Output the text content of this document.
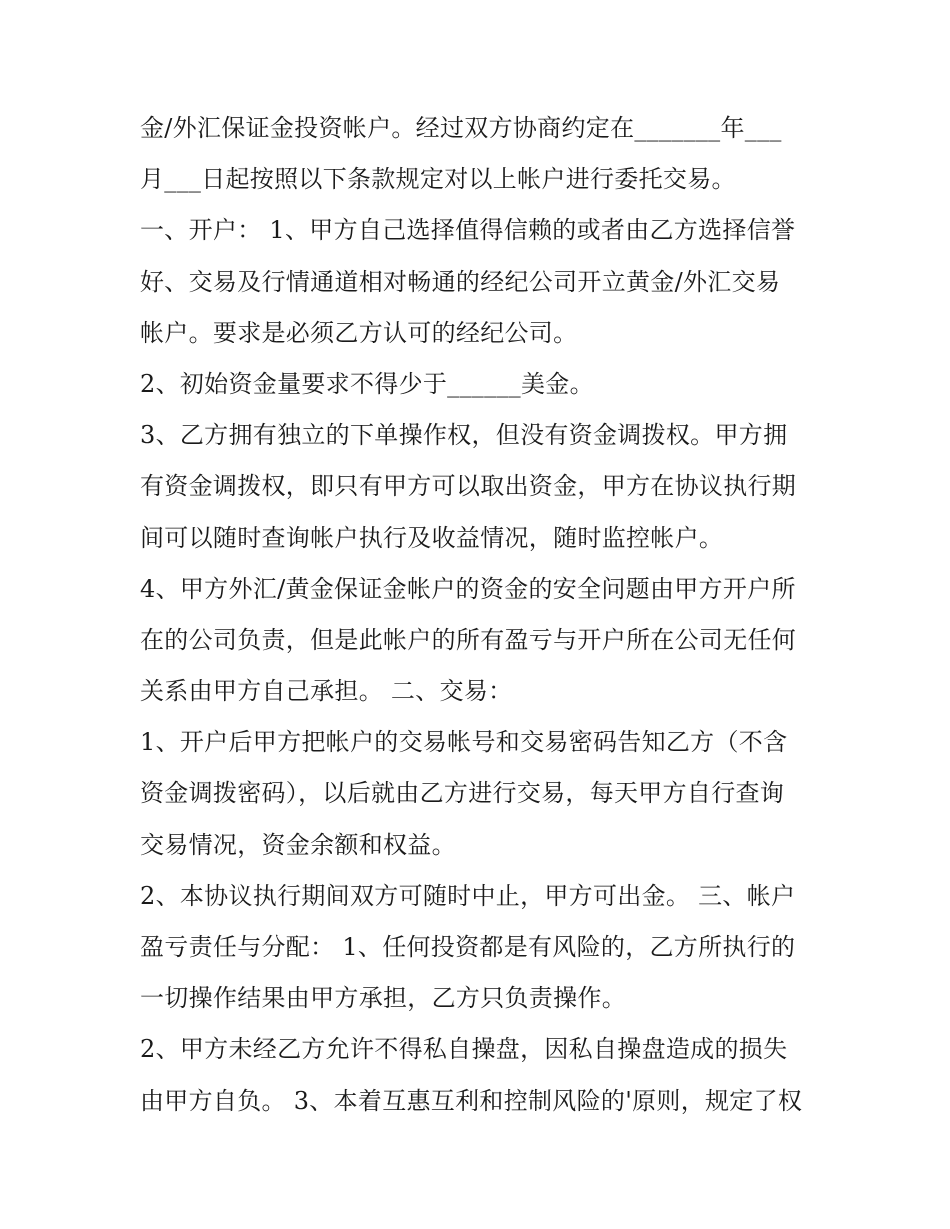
金/外汇保证金投资帐户。经过双方协商约定在_______年___
月___日起按照以下条款规定对以上帐户进行委托交易。
一、开户： 1、甲方自己选择值得信赖的或者由乙方选择信誉
好、交易及行情通道相对畅通的经纪公司开立黄金/外汇交易
帐户。要求是必须乙方认可的经纪公司。
2、初始资金量要求不得少于______美金。
3、乙方拥有独立的下单操作权，但没有资金调拨权。甲方拥
有资金调拨权，即只有甲方可以取出资金，甲方在协议执行期
间可以随时查询帐户执行及收益情况，随时监控帐户。
4、甲方外汇/黄金保证金帐户的资金的安全问题由甲方开户所
在的公司负责，但是此帐户的所有盈亏与开户所在公司无任何
关系由甲方自己承担。 二、交易：
1、开户后甲方把帐户的交易帐号和交易密码告知乙方（不含
资金调拨密码），以后就由乙方进行交易，每天甲方自行查询
交易情况，资金余额和权益。
2、本协议执行期间双方可随时中止，甲方可出金。 三、帐户
盈亏责任与分配： 1、任何投资都是有风险的，乙方所执行的
一切操作结果由甲方承担，乙方只负责操作。
2、甲方未经乙方允许不得私自操盘，因私自操盘造成的损失
由甲方自负。 3、本着互惠互利和控制风险的'原则，规定了权
